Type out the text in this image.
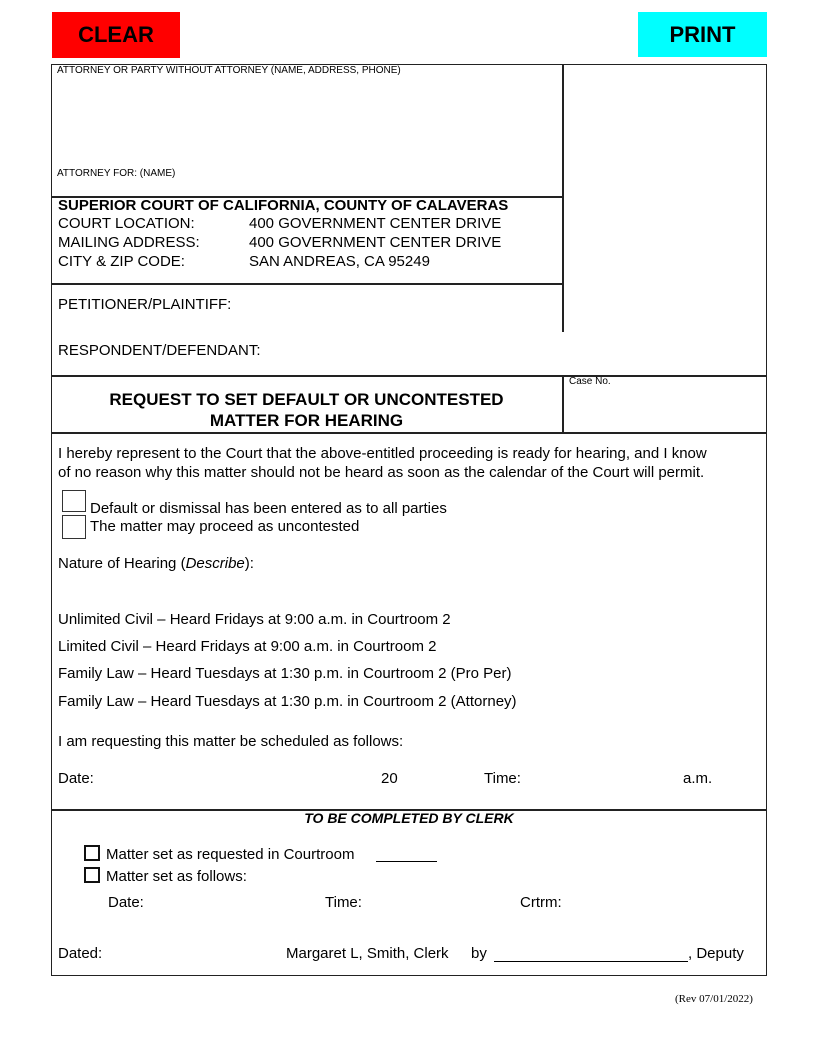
CLEAR	PRINT
ATTORNEY OR PARTY WITHOUT ATTORNEY (NAME, ADDRESS, PHONE)
ATTORNEY FOR: (NAME)
SUPERIOR COURT OF CALIFORNIA, COUNTY OF CALAVERAS
COURT LOCATION:	400 GOVERNMENT CENTER DRIVE
MAILING ADDRESS:	400 GOVERNMENT CENTER DRIVE
CITY & ZIP CODE:	SAN ANDREAS, CA 95249
PETITIONER/PLAINTIFF:
RESPONDENT/DEFENDANT:
REQUEST TO SET DEFAULT OR UNCONTESTED
MATTER FOR HEARING
Case No.
I hereby represent to the Court that the above-entitled proceeding is ready for hearing, and I know
of no reason why this matter should not be heard as soon as the calendar of the Court will permit.
Default or dismissal has been entered as to all parties
The matter may proceed as uncontested
Nature of Hearing (Describe):
Unlimited Civil – Heard Fridays at 9:00 a.m. in Courtroom 2
Limited Civil – Heard Fridays at 9:00 a.m. in Courtroom 2
Family Law – Heard Tuesdays at 1:30 p.m. in Courtroom 2 (Pro Per)
Family Law – Heard Tuesdays at 1:30 p.m. in Courtroom 2 (Attorney)
I am requesting this matter be scheduled as follows:
Date:	20	Time:	a.m.
TO BE COMPLETED BY CLERK
Matter set as requested in Courtroom
Matter set as follows:
Date:	Time:	Crtrm:
Dated:	Margaret L, Smith, Clerk by	, Deputy
(Rev 07/01/2022)
